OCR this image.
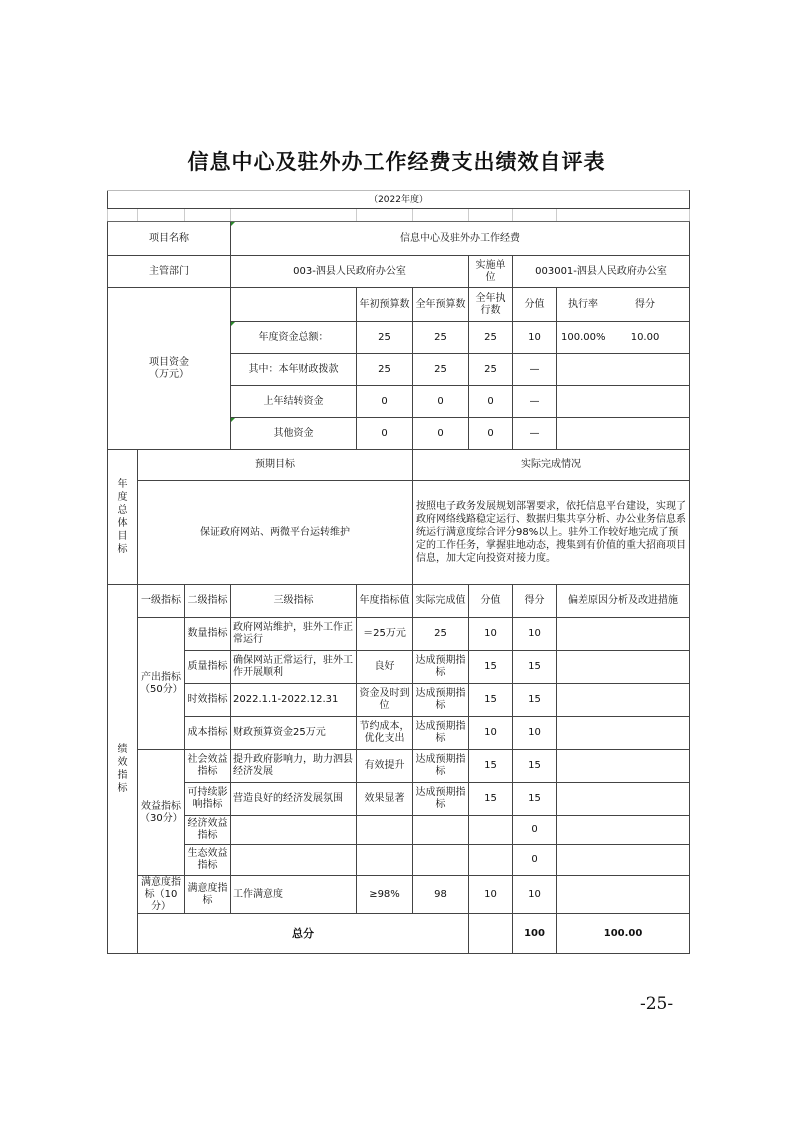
信息中心及驻外办工作经费支出绩效自评表
（2022年度）									

项目名称			信息中心及驻外办工作经费						
主管部门			003-泗县人民政府办公室			实施单位	003001-泗县人民政府办公室		
项目资金（万元）				年初预算数	全年预算数	全年执行数	分值	执行率 得分	
			年度资金总额：	25	25	25	10	100.00% 10.00	
			其中：本年财政拨款	25	25	25	—		
			上年结转资金	0	0	0	—		
			其他资金	0	0	0	—		
年度总体目标	预期目标				实际完成情况				
	保证政府网站、两微平台运转维护				按照电子政务发展规划部署要求，依托信息平台建设，实现了政府网络线路稳定运行、数据归集共享分析、办公业务信息系统运行满意度综合评分98%以上。驻外工作较好地完成了预定的工作任务，掌握驻地动态，搜集到有价值的重大招商项目信息，加大定向投资对接力度。				
绩效指标	一级指标	二级指标	三级指标	年度指标值	实际完成值	分值	得分	偏差原因分析及改进措施	
	产出指标（50分）	数量指标	政府网站维护，驻外工作正常运行	＝25万元	25	10	10		
		质量指标	确保网站正常运行，驻外工作开展顺利	良好	达成预期指标	15	15		
		时效指标	2022.1.1-2022.12.31	资金及时到位	达成预期指标	15	15		
		成本指标	财政预算资金25万元	节约成本，优化支出	达成预期指标	10	10		
	效益指标（30分）	社会效益指标	提升政府影响力，助力泗县经济发展	有效提升	达成预期指标	15	15		
		可持续影响指标	营造良好的经济发展氛围	效果显著	达成预期指标	15	15		
		经济效益指标					0		
		生态效益指标					0		
	满意度指标（10分）	满意度指标	工作满意度	≥98%	98	10	10		
	总分						100	100.00	
-25-
